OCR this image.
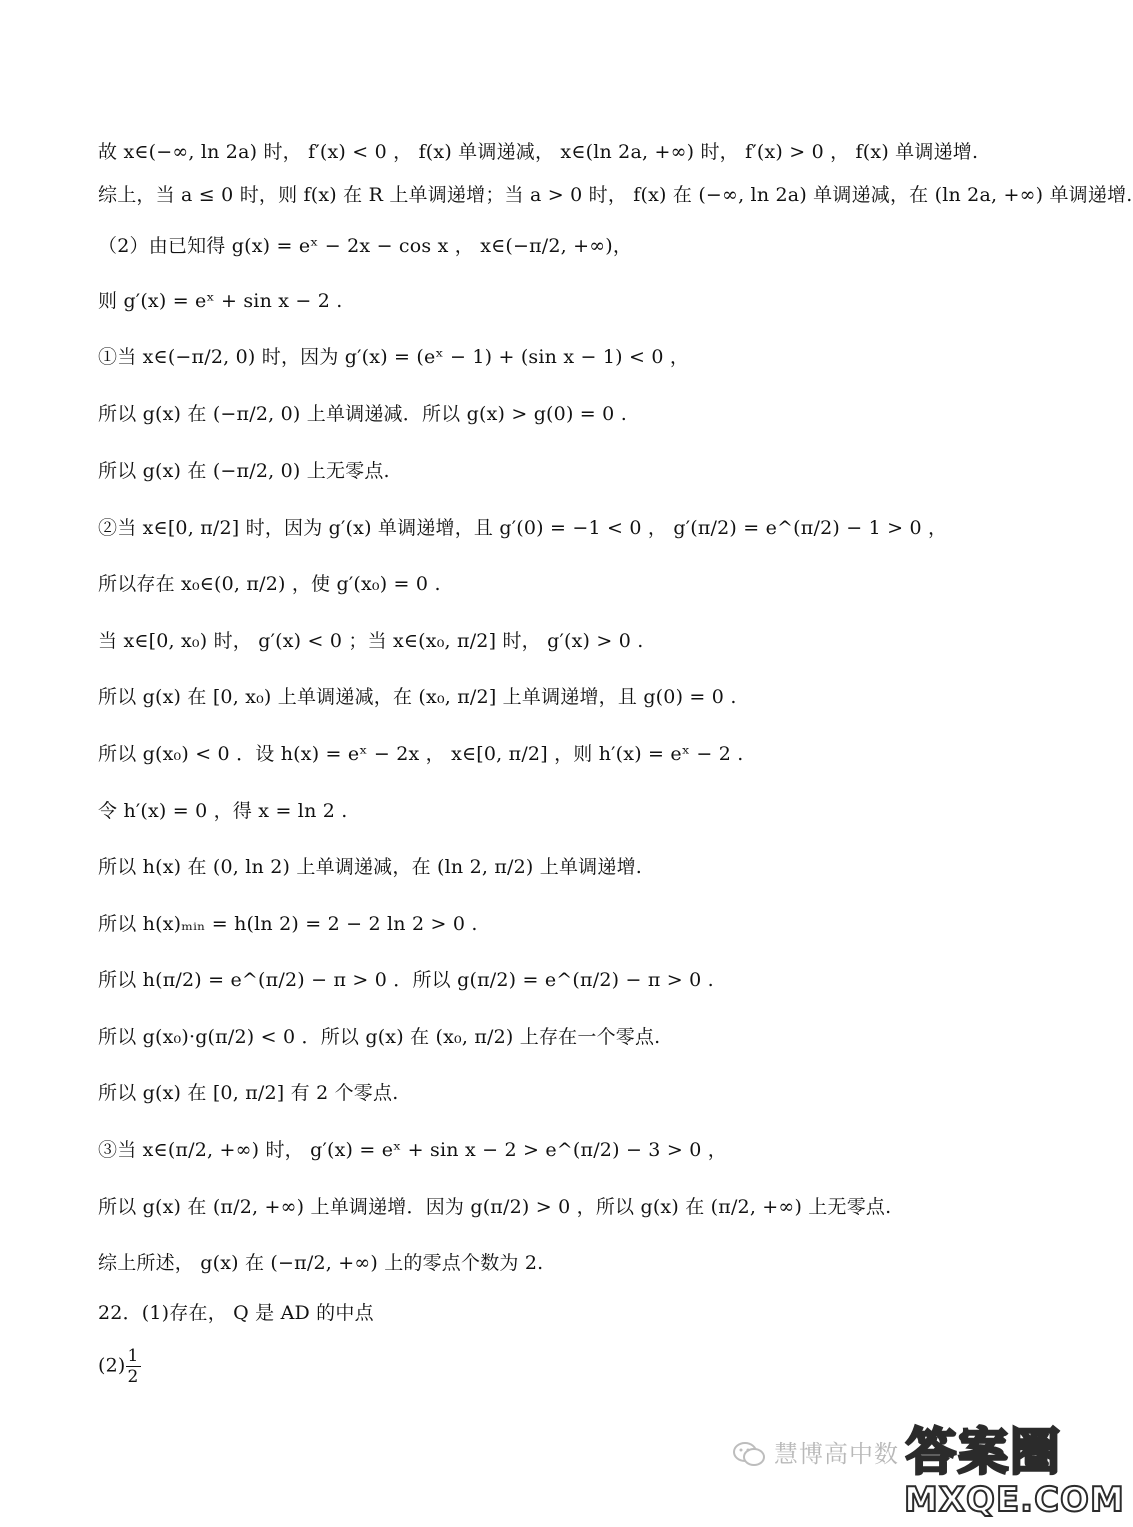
故 x∈(−∞, ln 2a) 时， f′(x) < 0 ， f(x) 单调递减， x∈(ln 2a, +∞) 时， f′(x) > 0 ， f(x) 单调递增.
综上，当 a ≤ 0 时，则 f(x) 在 R 上单调递增；当 a > 0 时， f(x) 在 (−∞, ln 2a) 单调递减，在 (ln 2a, +∞) 单调递增.
（2）由已知得 g(x) = eˣ − 2x − cos x ， x∈(−π/2, +∞)，
则 g′(x) = eˣ + sin x − 2 .
①当 x∈(−π/2, 0) 时，因为 g′(x) = (eˣ − 1) + (sin x − 1) < 0 ，
所以 g(x) 在 (−π/2, 0) 上单调递减．所以 g(x) > g(0) = 0 .
所以 g(x) 在 (−π/2, 0) 上无零点.
②当 x∈[0, π/2] 时，因为 g′(x) 单调递增，且 g′(0) = −1 < 0 ， g′(π/2) = e^(π/2) − 1 > 0 ，
所以存在 x₀∈(0, π/2) ，使 g′(x₀) = 0 .
当 x∈[0, x₀) 时， g′(x) < 0 ；当 x∈(x₀, π/2] 时， g′(x) > 0 .
所以 g(x) 在 [0, x₀) 上单调递减，在 (x₀, π/2] 上单调递增，且 g(0) = 0 .
所以 g(x₀) < 0 ．设 h(x) = eˣ − 2x ， x∈[0, π/2] ，则 h′(x) = eˣ − 2 .
令 h′(x) = 0 ，得 x = ln 2 .
所以 h(x) 在 (0, ln 2) 上单调递减，在 (ln 2, π/2) 上单调递增.
所以 h(x)ₘᵢₙ = h(ln 2) = 2 − 2 ln 2 > 0 .
所以 h(π/2) = e^(π/2) − π > 0 ．所以 g(π/2) = e^(π/2) − π > 0 .
所以 g(x₀)·g(π/2) < 0 ．所以 g(x) 在 (x₀, π/2) 上存在一个零点.
所以 g(x) 在 [0, π/2] 有 2 个零点.
③当 x∈(π/2, +∞) 时， g′(x) = eˣ + sin x − 2 > e^(π/2) − 3 > 0 ，
所以 g(x) 在 (π/2, +∞) 上单调递增．因为 g(π/2) > 0 ，所以 g(x) 在 (π/2, +∞) 上无零点.
综上所述， g(x) 在 (−π/2, +∞) 上的零点个数为 2.
22．(1)存在， Q 是 AD 的中点
$(2) \frac{1}{2}$
慧博高中数 答案圈
MXQE.COM
